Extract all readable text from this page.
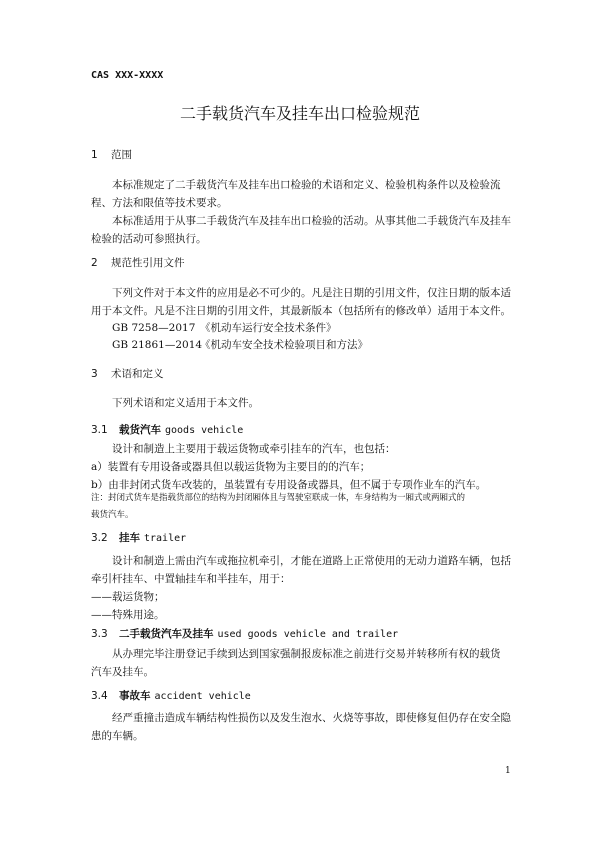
CAS XXX-XXXX
二手载货汽车及挂车出口检验规范
1 范围
本标准规定了二手载货汽车及挂车出口检验的术语和定义、检验机构条件以及检验流
程、方法和限值等技术要求。
本标准适用于从事二手载货汽车及挂车出口检验的活动。从事其他二手载货汽车及挂车
检验的活动可参照执行。
2 规范性引用文件
下列文件对于本文件的应用是必不可少的。凡是注日期的引用文件，仅注日期的版本适
用于本文件。凡是不注日期的引用文件，其最新版本（包括所有的修改单）适用于本文件。
GB 7258—2017 《机动车运行安全技术条件》
GB 21861—2014《机动车安全技术检验项目和方法》
3 术语和定义
下列术语和定义适用于本文件。
3.1 载货汽车 goods vehicle
设计和制造上主要用于载运货物或牵引挂车的汽车，也包括：
a）装置有专用设备或器具但以载运货物为主要目的的汽车；
b）由非封闭式货车改装的，虽装置有专用设备或器具，但不属于专项作业车的汽车。
注：封闭式货车是指载货部位的结构为封闭厢体且与驾驶室联成一体，车身结构为一厢式或两厢式的
载货汽车。
3.2 挂车 trailer
设计和制造上需由汽车或拖拉机牵引，才能在道路上正常使用的无动力道路车辆，包括
牵引杆挂车、中置轴挂车和半挂车，用于：
——载运货物；
——特殊用途。
3.3 二手载货汽车及挂车 used goods vehicle and trailer
从办理完毕注册登记手续到达到国家强制报废标准之前进行交易并转移所有权的载货
汽车及挂车。
3.4 事故车 accident vehicle
经严重撞击造成车辆结构性损伤以及发生泡水、火烧等事故，即使修复但仍存在安全隐
患的车辆。
1
